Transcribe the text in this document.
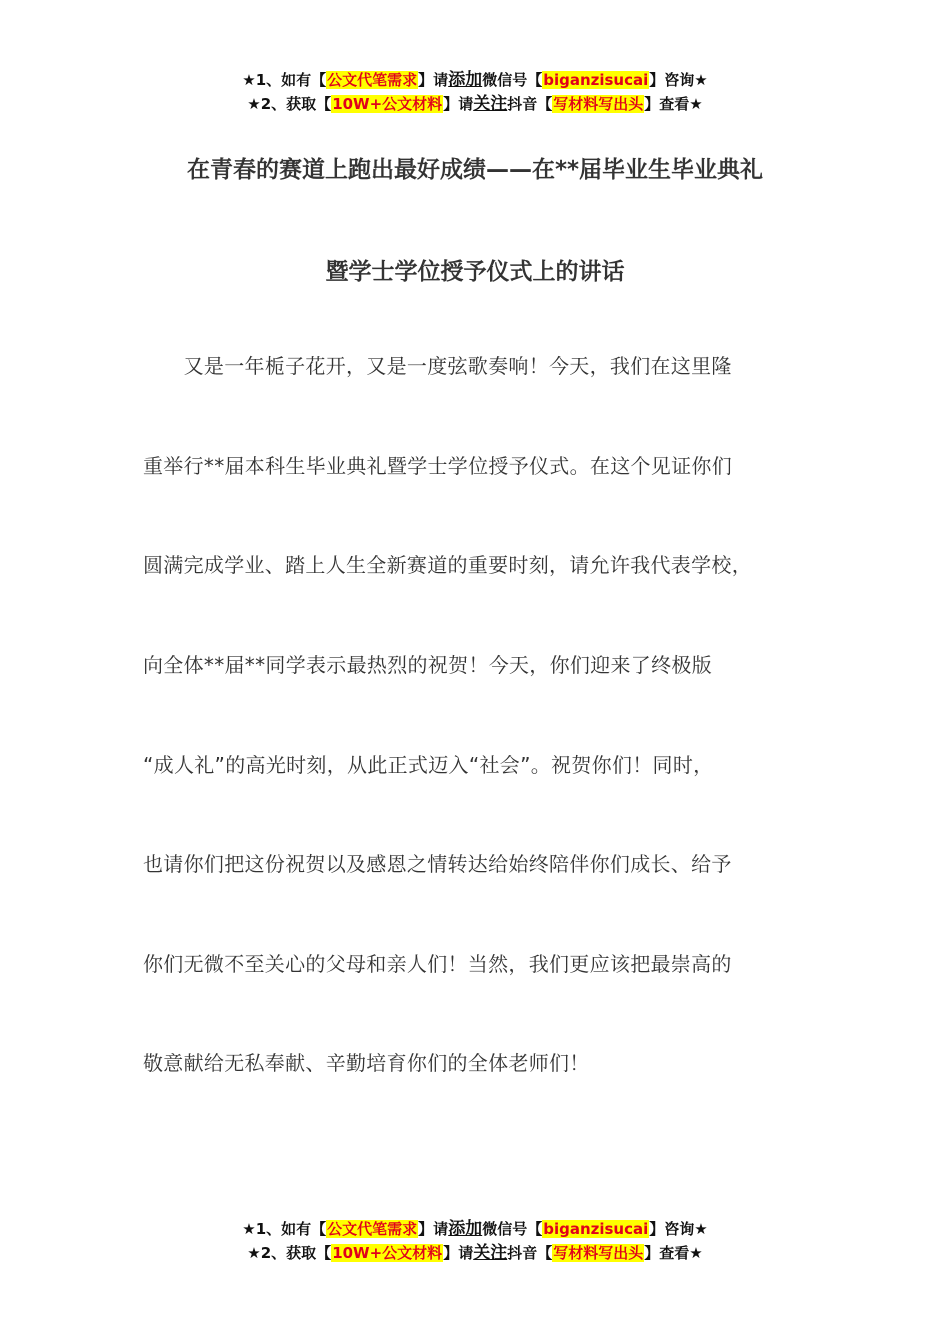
★1、如有【公文代笔需求】请添加微信号【biganzisucai】咨询★
★2、获取【10W+公文材料】请关注抖音【写材料写出头】查看★
在青春的赛道上跑出最好成绩——在**届毕业生毕业典礼
暨学士学位授予仪式上的讲话
　　又是一年栀子花开，又是一度弦歌奏响！今天，我们在这里隆
重举行**届本科生毕业典礼暨学士学位授予仪式。在这个见证你们
圆满完成学业、踏上人生全新赛道的重要时刻，请允许我代表学校，
向全体**届**同学表示最热烈的祝贺！今天，你们迎来了终极版
“成人礼”的高光时刻，从此正式迈入“社会”。祝贺你们！同时，
也请你们把这份祝贺以及感恩之情转达给始终陪伴你们成长、给予
你们无微不至关心的父母和亲人们！当然，我们更应该把最崇高的
敬意献给无私奉献、辛勤培育你们的全体老师们！
★1、如有【公文代笔需求】请添加微信号【biganzisucai】咨询★
★2、获取【10W+公文材料】请关注抖音【写材料写出头】查看★
